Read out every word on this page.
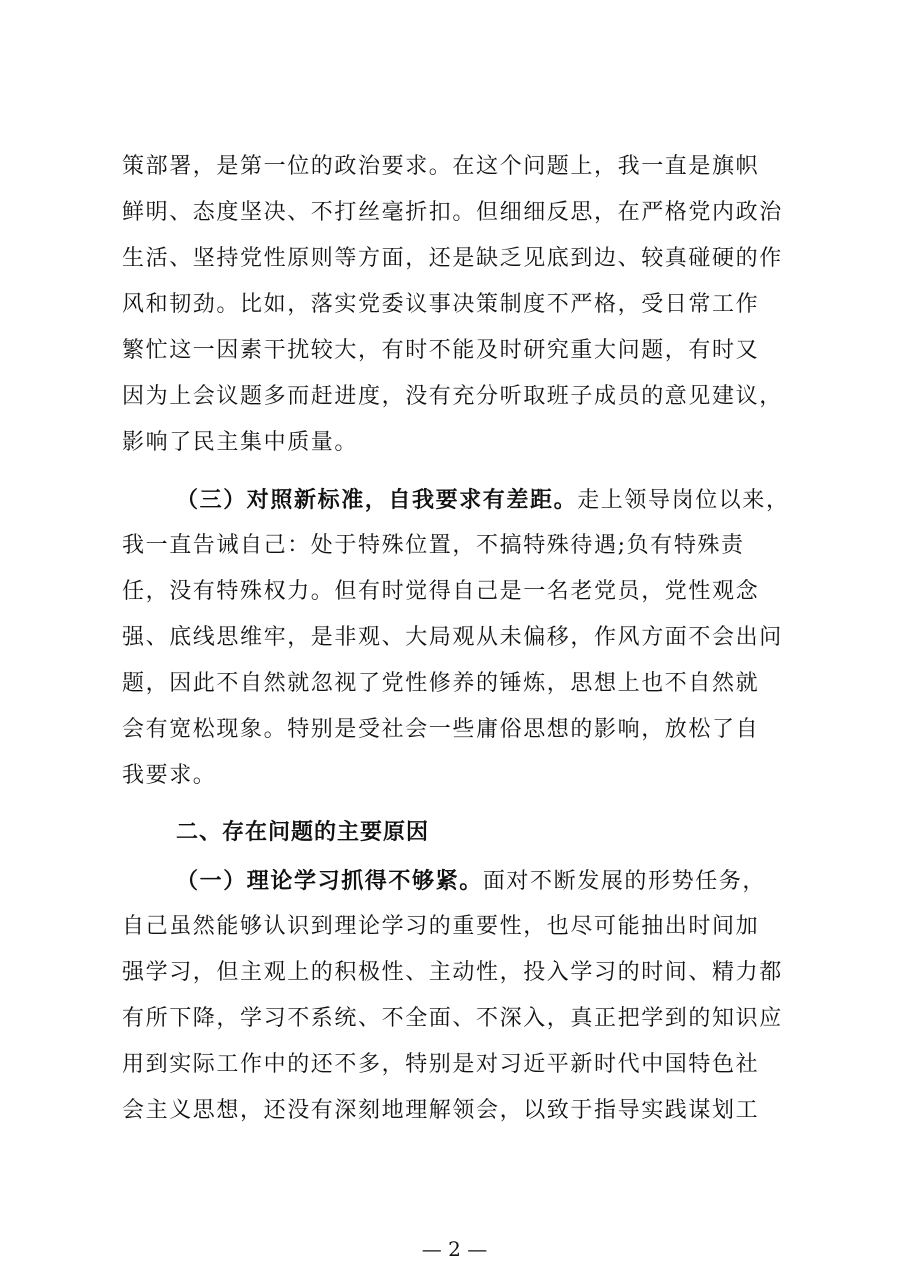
策部署，是第一位的政治要求。在这个问题上，我一直是旗帜
鲜明、态度坚决、不打丝毫折扣。但细细反思，在严格党内政治
生活、坚持党性原则等方面，还是缺乏见底到边、较真碰硬的作
风和韧劲。比如，落实党委议事决策制度不严格，受日常工作
繁忙这一因素干扰较大，有时不能及时研究重大问题，有时又
因为上会议题多而赶进度，没有充分听取班子成员的意见建议，
影响了民主集中质量。
（三）对照新标准，自我要求有差距。走上领导岗位以来，
我一直告诫自己：处于特殊位置，不搞特殊待遇;负有特殊责
任，没有特殊权力。但有时觉得自己是一名老党员，党性观念
强、底线思维牢，是非观、大局观从未偏移，作风方面不会出问
题，因此不自然就忽视了党性修养的锤炼，思想上也不自然就
会有宽松现象。特别是受社会一些庸俗思想的影响，放松了自
我要求。
二、存在问题的主要原因
（一）理论学习抓得不够紧。面对不断发展的形势任务，
自己虽然能够认识到理论学习的重要性，也尽可能抽出时间加
强学习，但主观上的积极性、主动性，投入学习的时间、精力都
有所下降，学习不系统、不全面、不深入，真正把学到的知识应
用到实际工作中的还不多，特别是对习近平新时代中国特色社
会主义思想，还没有深刻地理解领会，以致于指导实践谋划工
— 2 —
